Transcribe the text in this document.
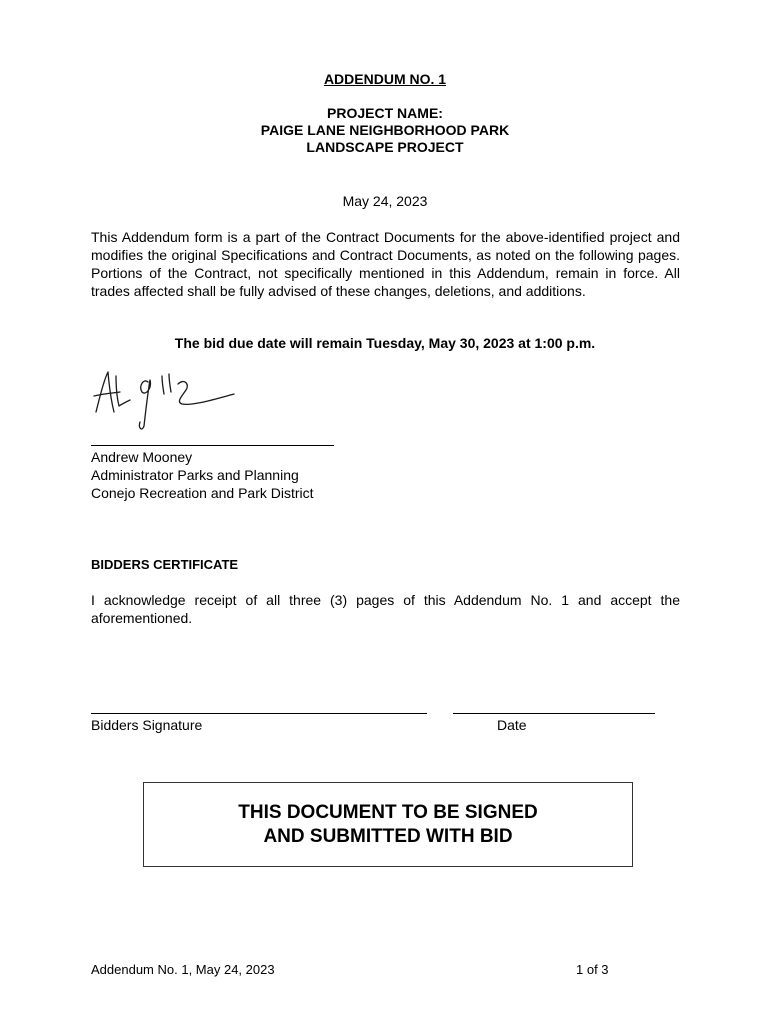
ADDENDUM NO. 1
PROJECT NAME:
PAIGE LANE NEIGHBORHOOD PARK
LANDSCAPE PROJECT
May 24, 2023
This Addendum form is a part of the Contract Documents for the above-identified project and modifies the original Specifications and Contract Documents, as noted on the following pages. Portions of the Contract, not specifically mentioned in this Addendum, remain in force. All trades affected shall be fully advised of these changes, deletions, and additions.
The bid due date will remain Tuesday, May 30, 2023 at 1:00 p.m.
Andrew Mooney
Administrator Parks and Planning
Conejo Recreation and Park District
BIDDERS CERTIFICATE
I acknowledge receipt of all three (3) pages of this Addendum No. 1 and accept the aforementioned.
Bidders Signature	Date
THIS DOCUMENT TO BE SIGNED
AND SUBMITTED WITH BID
Addendum No. 1, May 24, 2023	1 of 3
